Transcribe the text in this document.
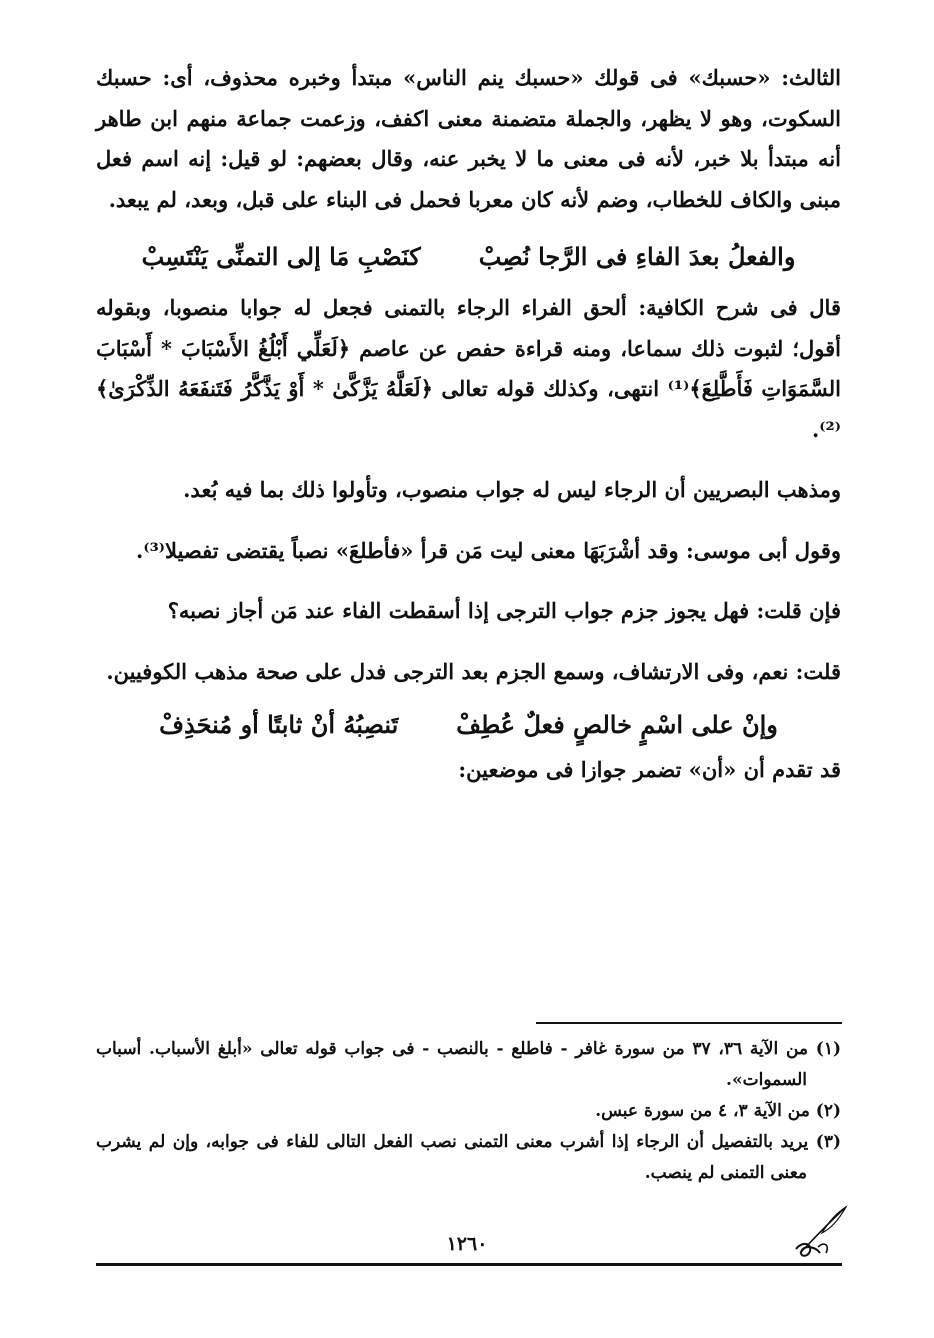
الثالث: «حسبك» فى قولك «حسبك ينم الناس» مبتدأ وخبره محذوف، أى: حسبك السكوت، وهو لا يظهر، والجملة متضمنة معنى اكفف، وزعمت جماعة منهم ابن طاهر أنه مبتدأ بلا خبر، لأنه فى معنى ما لا يخبر عنه، وقال بعضهم: لو قيل: إنه اسم فعل مبنى والكاف للخطاب، وضم لأنه كان معربا فحمل فى البناء على قبل، وبعد، لم يبعد.

والفعلُ بعدَ الفاءِ فى الرَّجا نُصِبْ
كنَصْبِ مَا إلى التمنِّى يَنْتَسِبْ

قال فى شرح الكافية: ألحق الفراء الرجاء بالتمنى فجعل له جوابا منصوبا، وبقوله أقول؛ لثبوت ذلك سماعا، ومنه قراءة حفص عن عاصم ﴿لَعَلِّي أَبْلُغُ الأَسْبَابَ * أَسْبَابَ السَّمَوَاتِ فَأَطَّلِعَ﴾⁽¹⁾ انتهى، وكذلك قوله تعالى ﴿لَعَلَّهُ يَزَّكَّىٰ * أَوْ يَذَّكَّرُ فَتَنفَعَهُ الذِّكْرَىٰ﴾⁽²⁾.

ومذهب البصريين أن الرجاء ليس له جواب منصوب، وتأولوا ذلك بما فيه بُعد.

وقول أبى موسى: وقد أشْرَبَهَا معنى ليت مَن قرأ «فأطلعَ» نصباً يقتضى تفصيلا⁽³⁾.

فإن قلت: فهل يجوز جزم جواب الترجى إذا أسقطت الفاء عند مَن أجاز نصبه؟

قلت: نعم، وفى الارتشاف، وسمع الجزم بعد الترجى فدل على صحة مذهب الكوفيين.

وإنْ على اسْمٍ خالصٍ فعلٌ عُطِفْ
تَنصِبُهُ أنْ ثابتًا أو مُنحَذِفْ

قد تقدم أن «أن» تضمر جوازا فى موضعين:

(١) من الآية ٣٦، ٣٧ من سورة غافر - فاطلع - بالنصب - فى جواب قوله تعالى «أبلغ الأسباب. أسباب السموات».

(٢) من الآية ٣، ٤ من سورة عبس.

(٣) يريد بالتفصيل أن الرجاء إذا أشرب معنى التمنى نصب الفعل التالى للفاء فى جوابه، وإن لم يشرب معنى التمنى لم ينصب.

١٢٦٠
